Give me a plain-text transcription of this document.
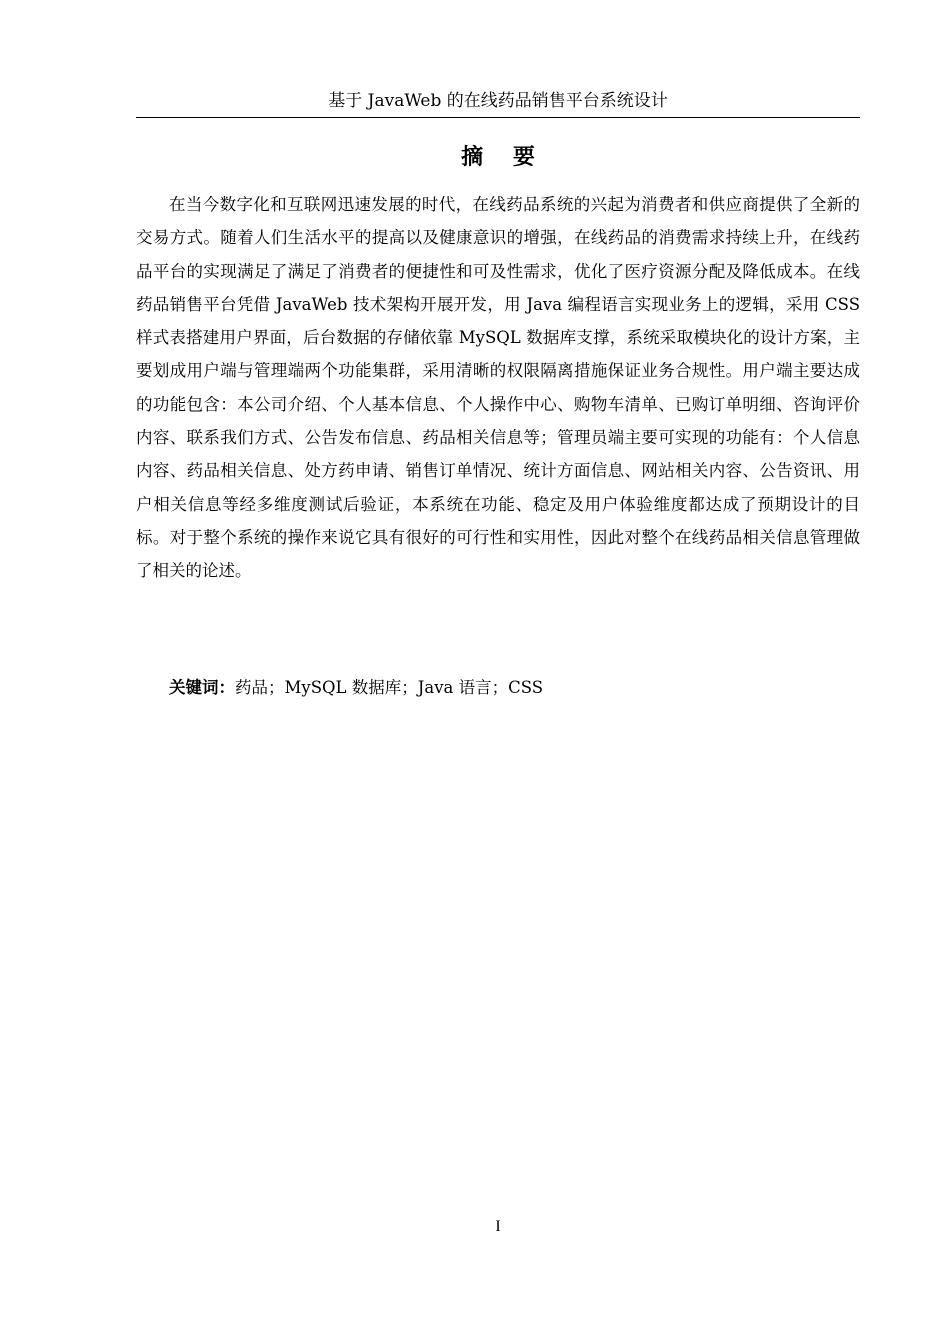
基于 JavaWeb 的在线药品销售平台系统设计
摘 要

在当今数字化和互联网迅速发展的时代，在线药品系统的兴起为消费者和供应商提供了全新的交易方式。随着人们生活水平的提高以及健康意识的增强，在线药品的消费需求持续上升，在线药品平台的实现满足了满足了消费者的便捷性和可及性需求，优化了医疗资源分配及降低成本。在线药品销售平台凭借 JavaWeb 技术架构开展开发，用 Java 编程语言实现业务上的逻辑，采用 CSS 样式表搭建用户界面，后台数据的存储依靠 MySQL 数据库支撑，系统采取模块化的设计方案，主要划成用户端与管理端两个功能集群，采用清晰的权限隔离措施保证业务合规性。用户端主要达成的功能包含：本公司介绍、个人基本信息、个人操作中心、购物车清单、已购订单明细、咨询评价内容、联系我们方式、公告发布信息、药品相关信息等；管理员端主要可实现的功能有：个人信息内容、药品相关信息、处方药申请、销售订单情况、统计方面信息、网站相关内容、公告资讯、用户相关信息等经多维度测试后验证，本系统在功能、稳定及用户体验维度都达成了预期设计的目标。对于整个系统的操作来说它具有很好的可行性和实用性，因此对整个在线药品相关信息管理做了相关的论述。

关键词：药品；MySQL 数据库；Java 语言；CSS
I
